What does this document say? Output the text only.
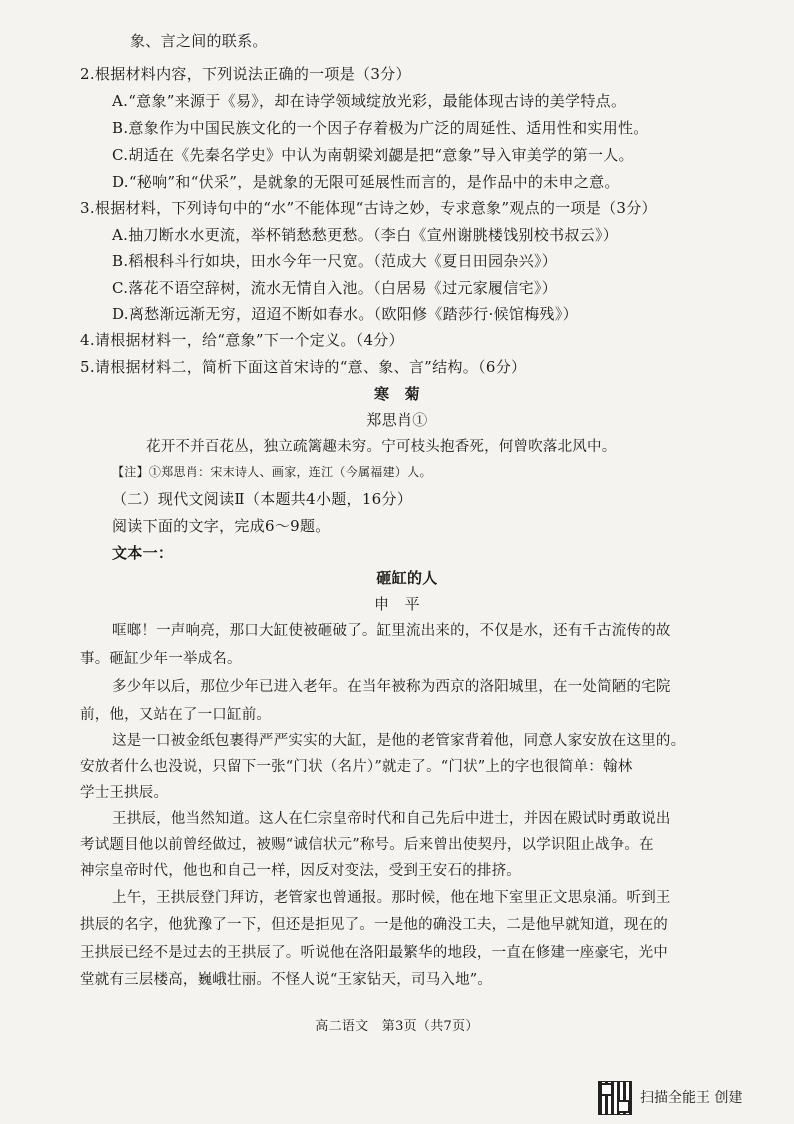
象、言之间的联系。
2.根据材料内容，下列说法正确的一项是（3分）
A.“意象”来源于《易》，却在诗学领域绽放光彩，最能体现古诗的美学特点。
B.意象作为中国民族文化的一个因子存着极为广泛的周延性、适用性和实用性。
C.胡适在《先秦名学史》中认为南朝梁刘勰是把“意象”导入审美学的第一人。
D.“秘响”和“伏采”，是就象的无限可延展性而言的，是作品中的未申之意。
3.根据材料，下列诗句中的“水”不能体现“古诗之妙，专求意象”观点的一项是（3分）
A.抽刀断水水更流，举杯销愁愁更愁。（李白《宣州谢朓楼饯别校书叔云》）
B.稻根科斗行如块，田水今年一尺宽。（范成大《夏日田园杂兴》）
C.落花不语空辞树，流水无情自入池。（白居易《过元家履信宅》）
D.离愁渐远渐无穷，迢迢不断如春水。（欧阳修《踏莎行·候馆梅残》）
4.请根据材料一，给“意象”下一个定义。（4分）
5.请根据材料二，简析下面这首宋诗的“意、象、言”结构。（6分）
寒　菊
郑思肖①
花开不并百花丛，独立疏篱趣未穷。宁可枝头抱香死，何曾吹落北风中。
【注】①郑思肖：宋末诗人、画家，连江（今属福建）人。
（二）现代文阅读Ⅱ（本题共4小题，16分）
阅读下面的文字，完成6～9题。
文本一：
砸缸的人
申　平
哐啷！一声响亮，那口大缸使被砸破了。缸里流出来的，不仅是水，还有千古流传的故
事。砸缸少年一举成名。
多少年以后，那位少年已进入老年。在当年被称为西京的洛阳城里，在一处简陋的宅院
前，他，又站在了一口缸前。
这是一口被金纸包裹得严严实实的大缸，是他的老管家背着他，同意人家安放在这里的。
安放者什么也没说，只留下一张“门状（名片）”就走了。“门状”上的字也很简单：翰林
学士王拱辰。
王拱辰，他当然知道。这人在仁宗皇帝时代和自己先后中进士，并因在殿试时勇敢说出
考试题目他以前曾经做过，被赐“诚信状元”称号。后来曾出使契丹，以学识阻止战争。在
神宗皇帝时代，他也和自己一样，因反对变法，受到王安石的排挤。
上午，王拱辰登门拜访，老管家也曾通报。那时候，他在地下室里正文思泉涌。听到王
拱辰的名字，他犹豫了一下，但还是拒见了。一是他的确没工夫，二是他早就知道，现在的
王拱辰已经不是过去的王拱辰了。听说他在洛阳最繁华的地段，一直在修建一座豪宅，光中
堂就有三层楼高，巍峨壮丽。不怪人说“王家钻天，司马入地”。
高二语文　第3页（共7页）
扫描全能王 创建
